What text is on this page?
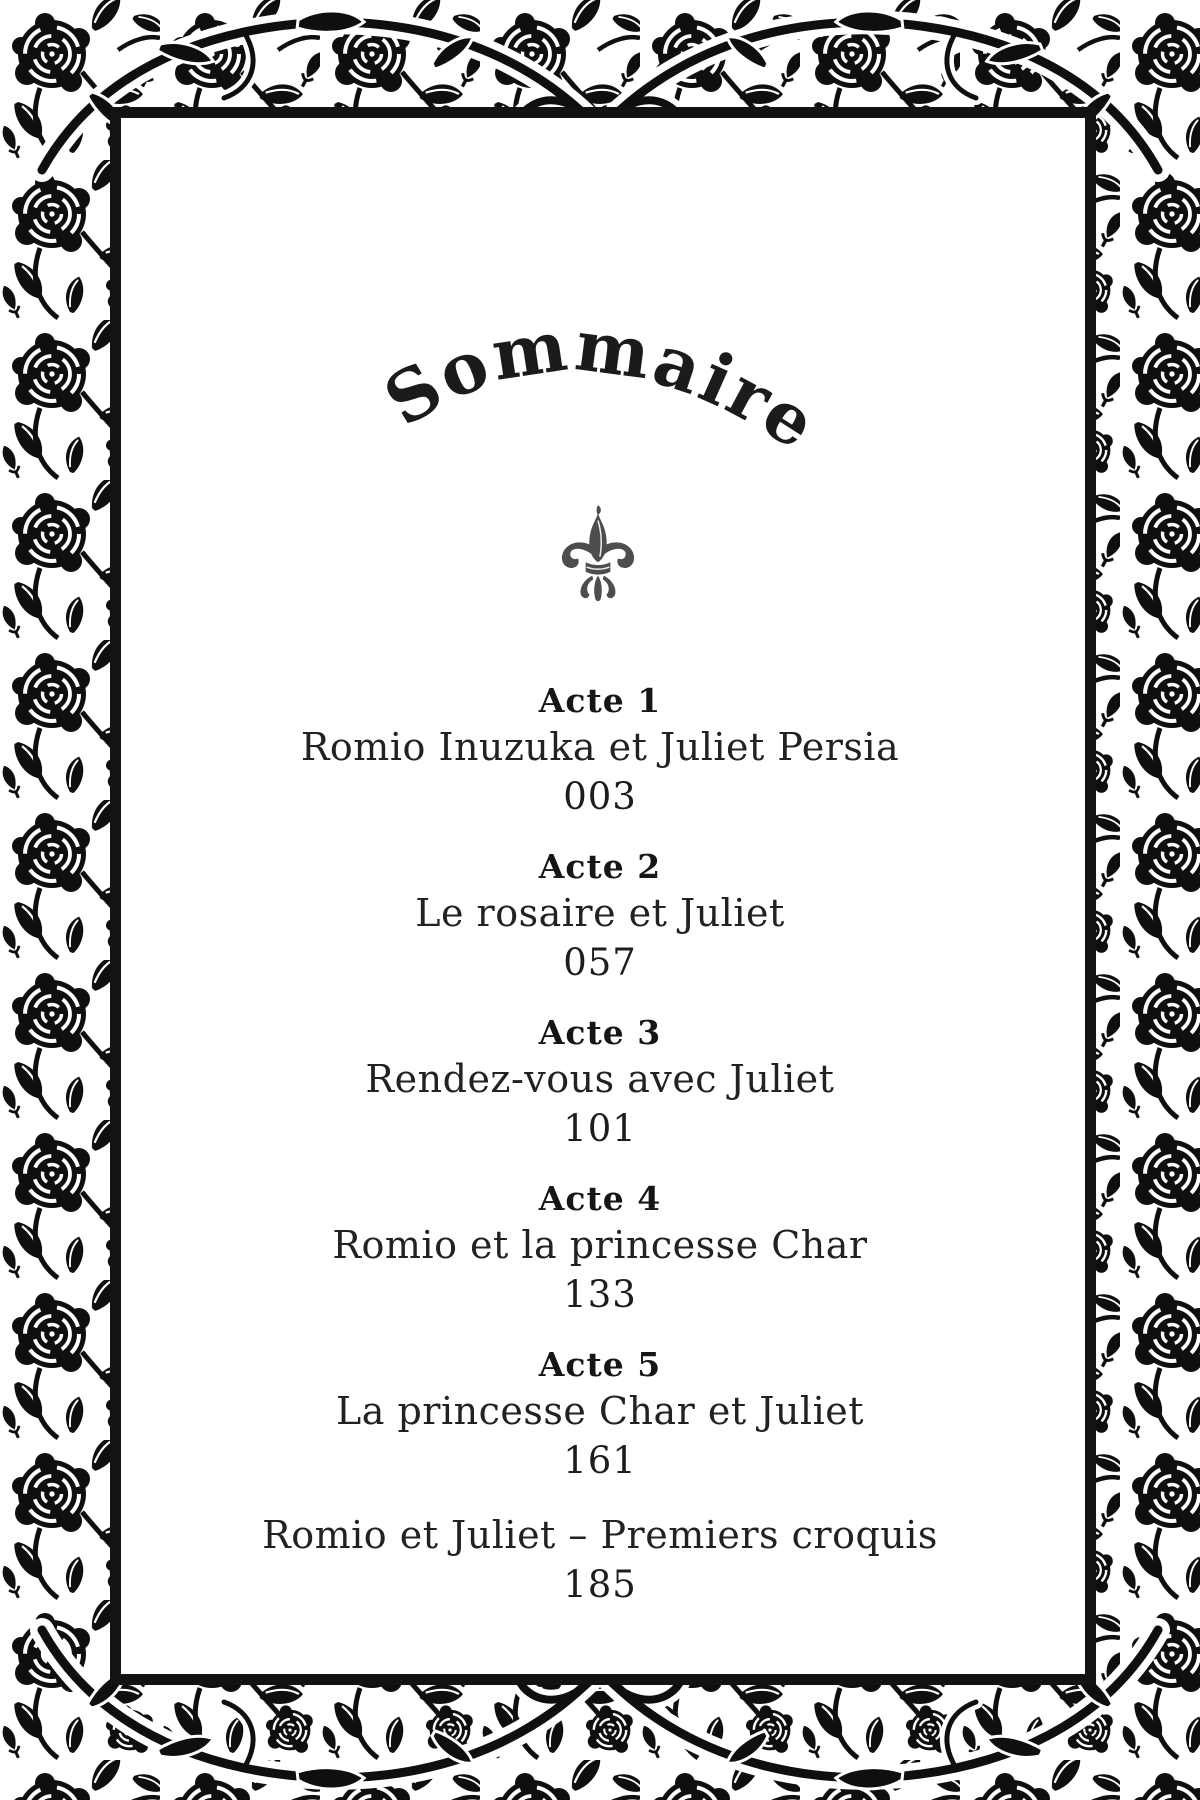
Sommaire
Acte 1
Romio Inuzuka et Juliet Persia
003
Acte 2
Le rosaire et Juliet
057
Acte 3
Rendez-vous avec Juliet
101
Acte 4
Romio et la princesse Char
133
Acte 5
La princesse Char et Juliet
161
Romio et Juliet – Premiers croquis
185
